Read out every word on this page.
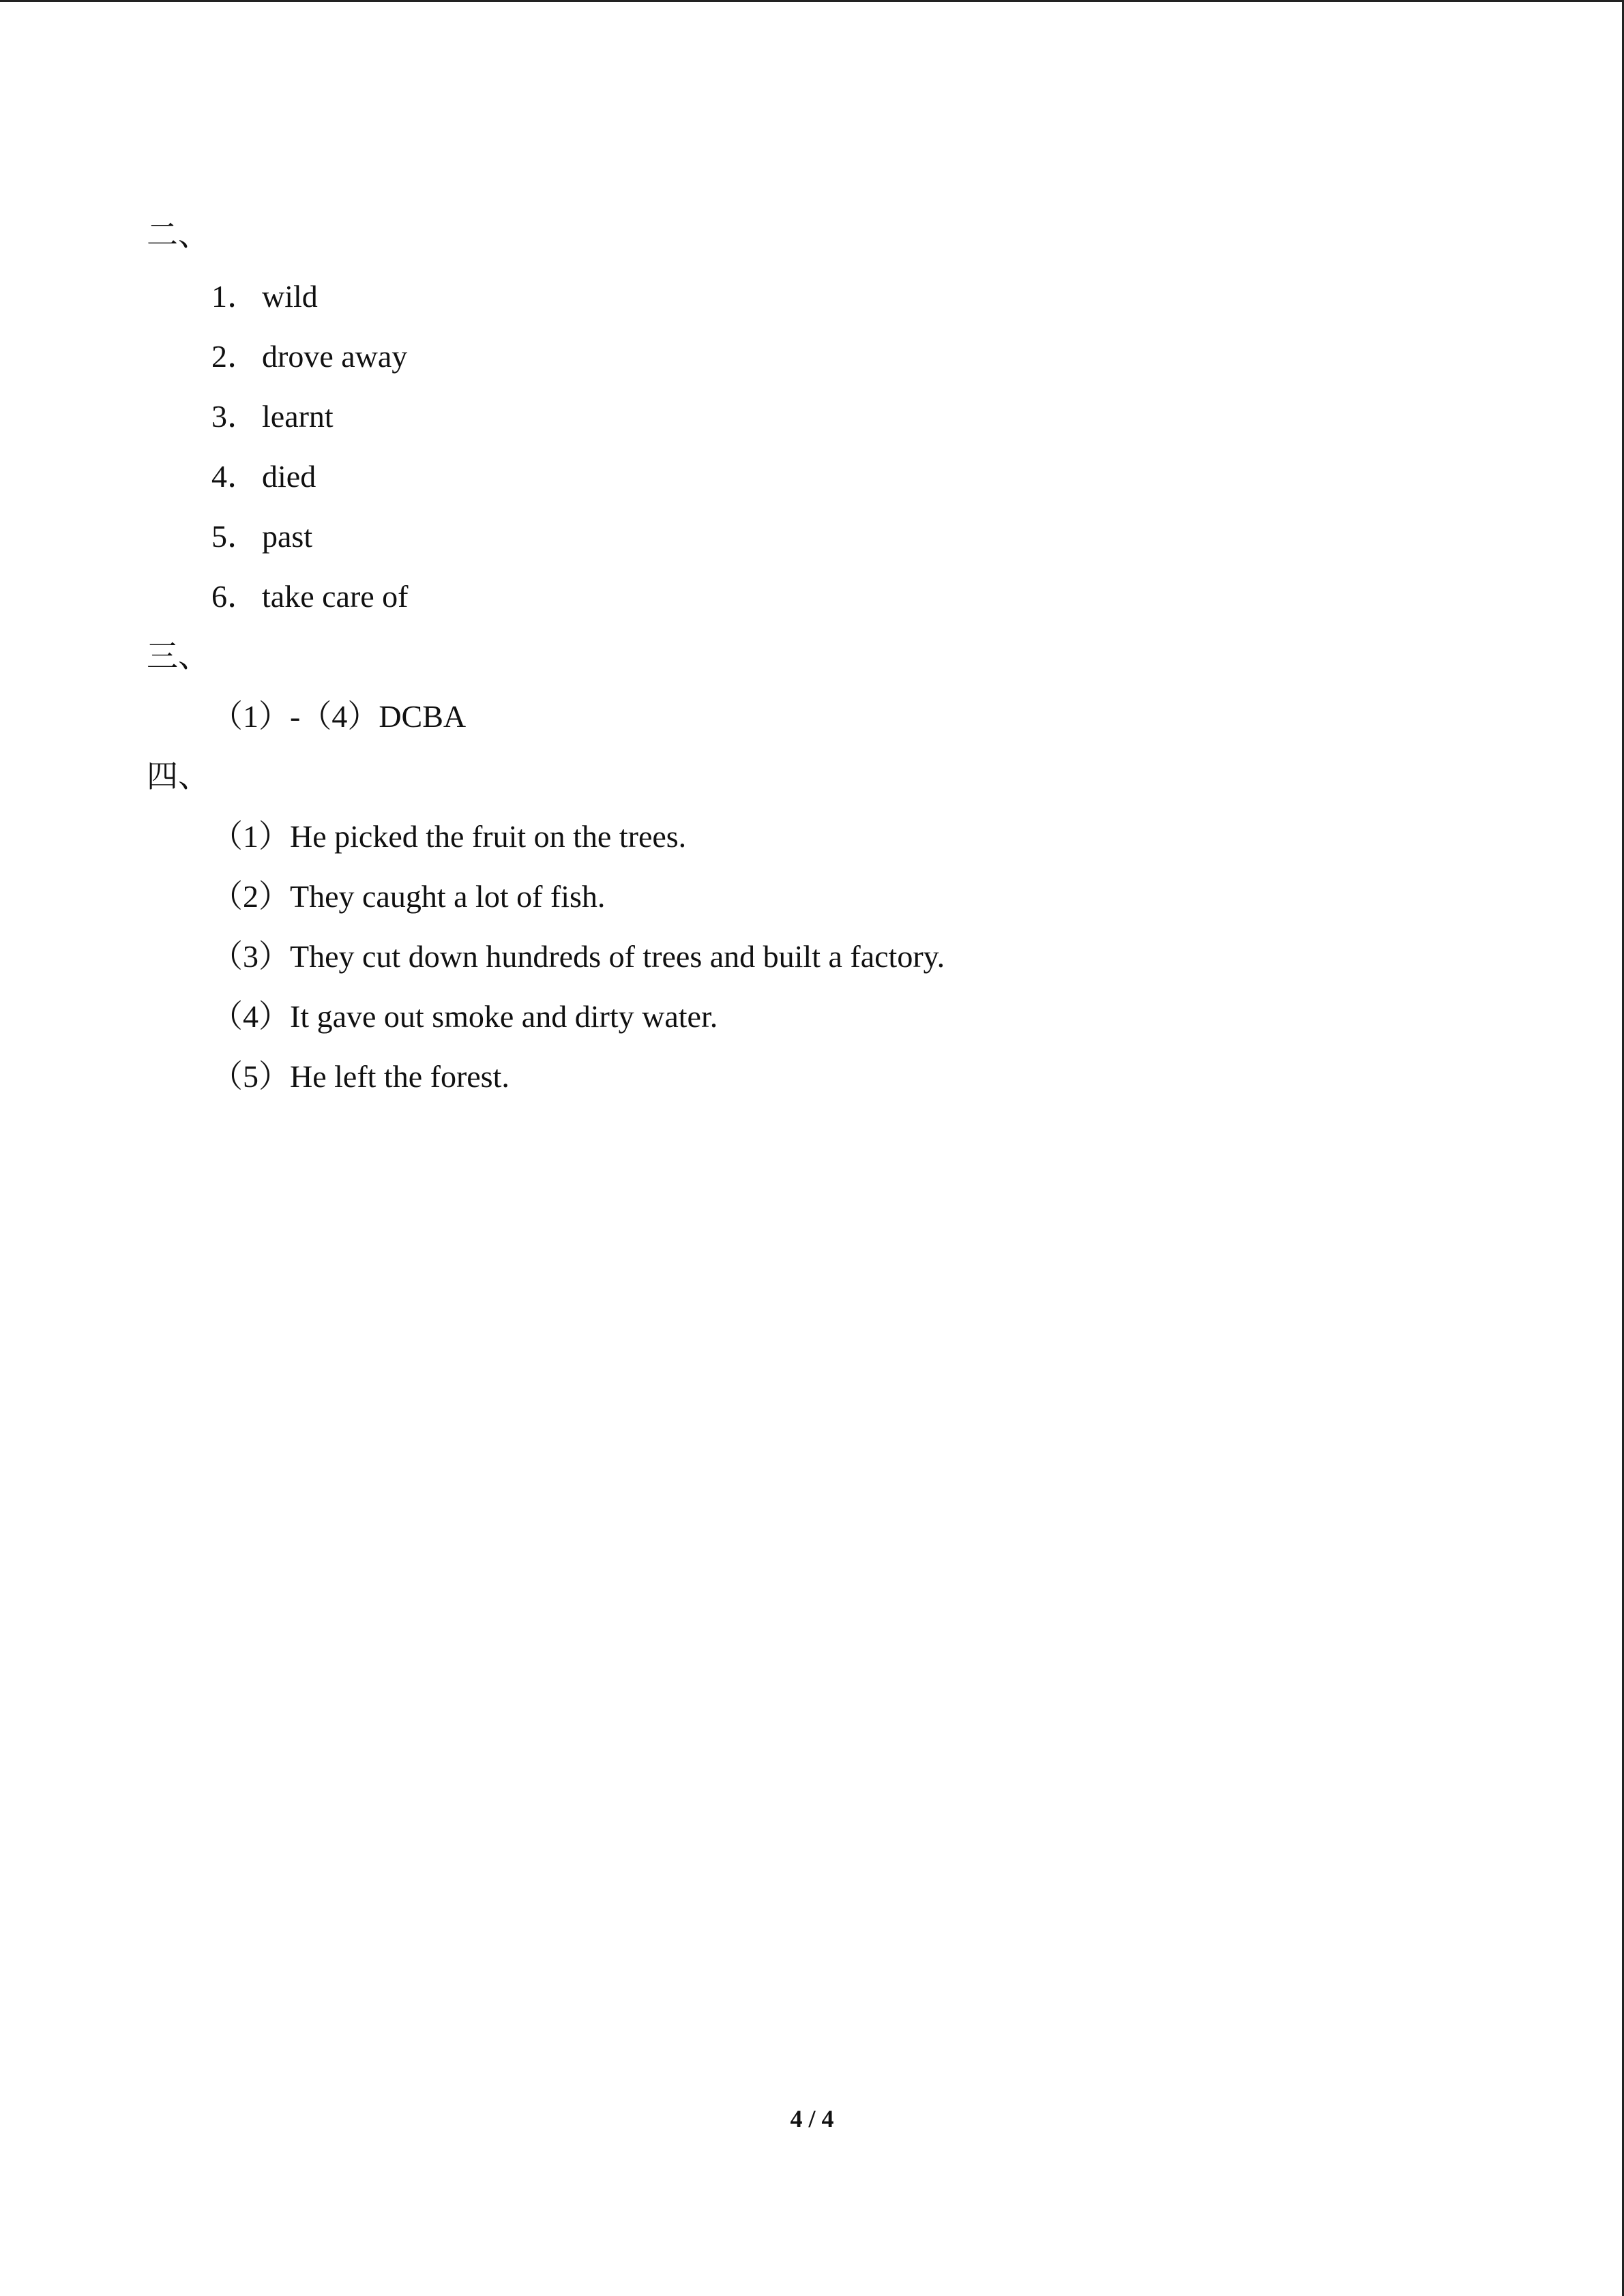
二、
1． wild
2． drove away
3． learnt
4． died
5． past
6． take care of
三、
（1）-（4）DCBA
四、
（1）He picked the fruit on the trees.
（2）They caught a lot of fish.
（3）They cut down hundreds of trees and built a factory.
（4）It gave out smoke and dirty water.
（5）He left the forest.
4 / 4
